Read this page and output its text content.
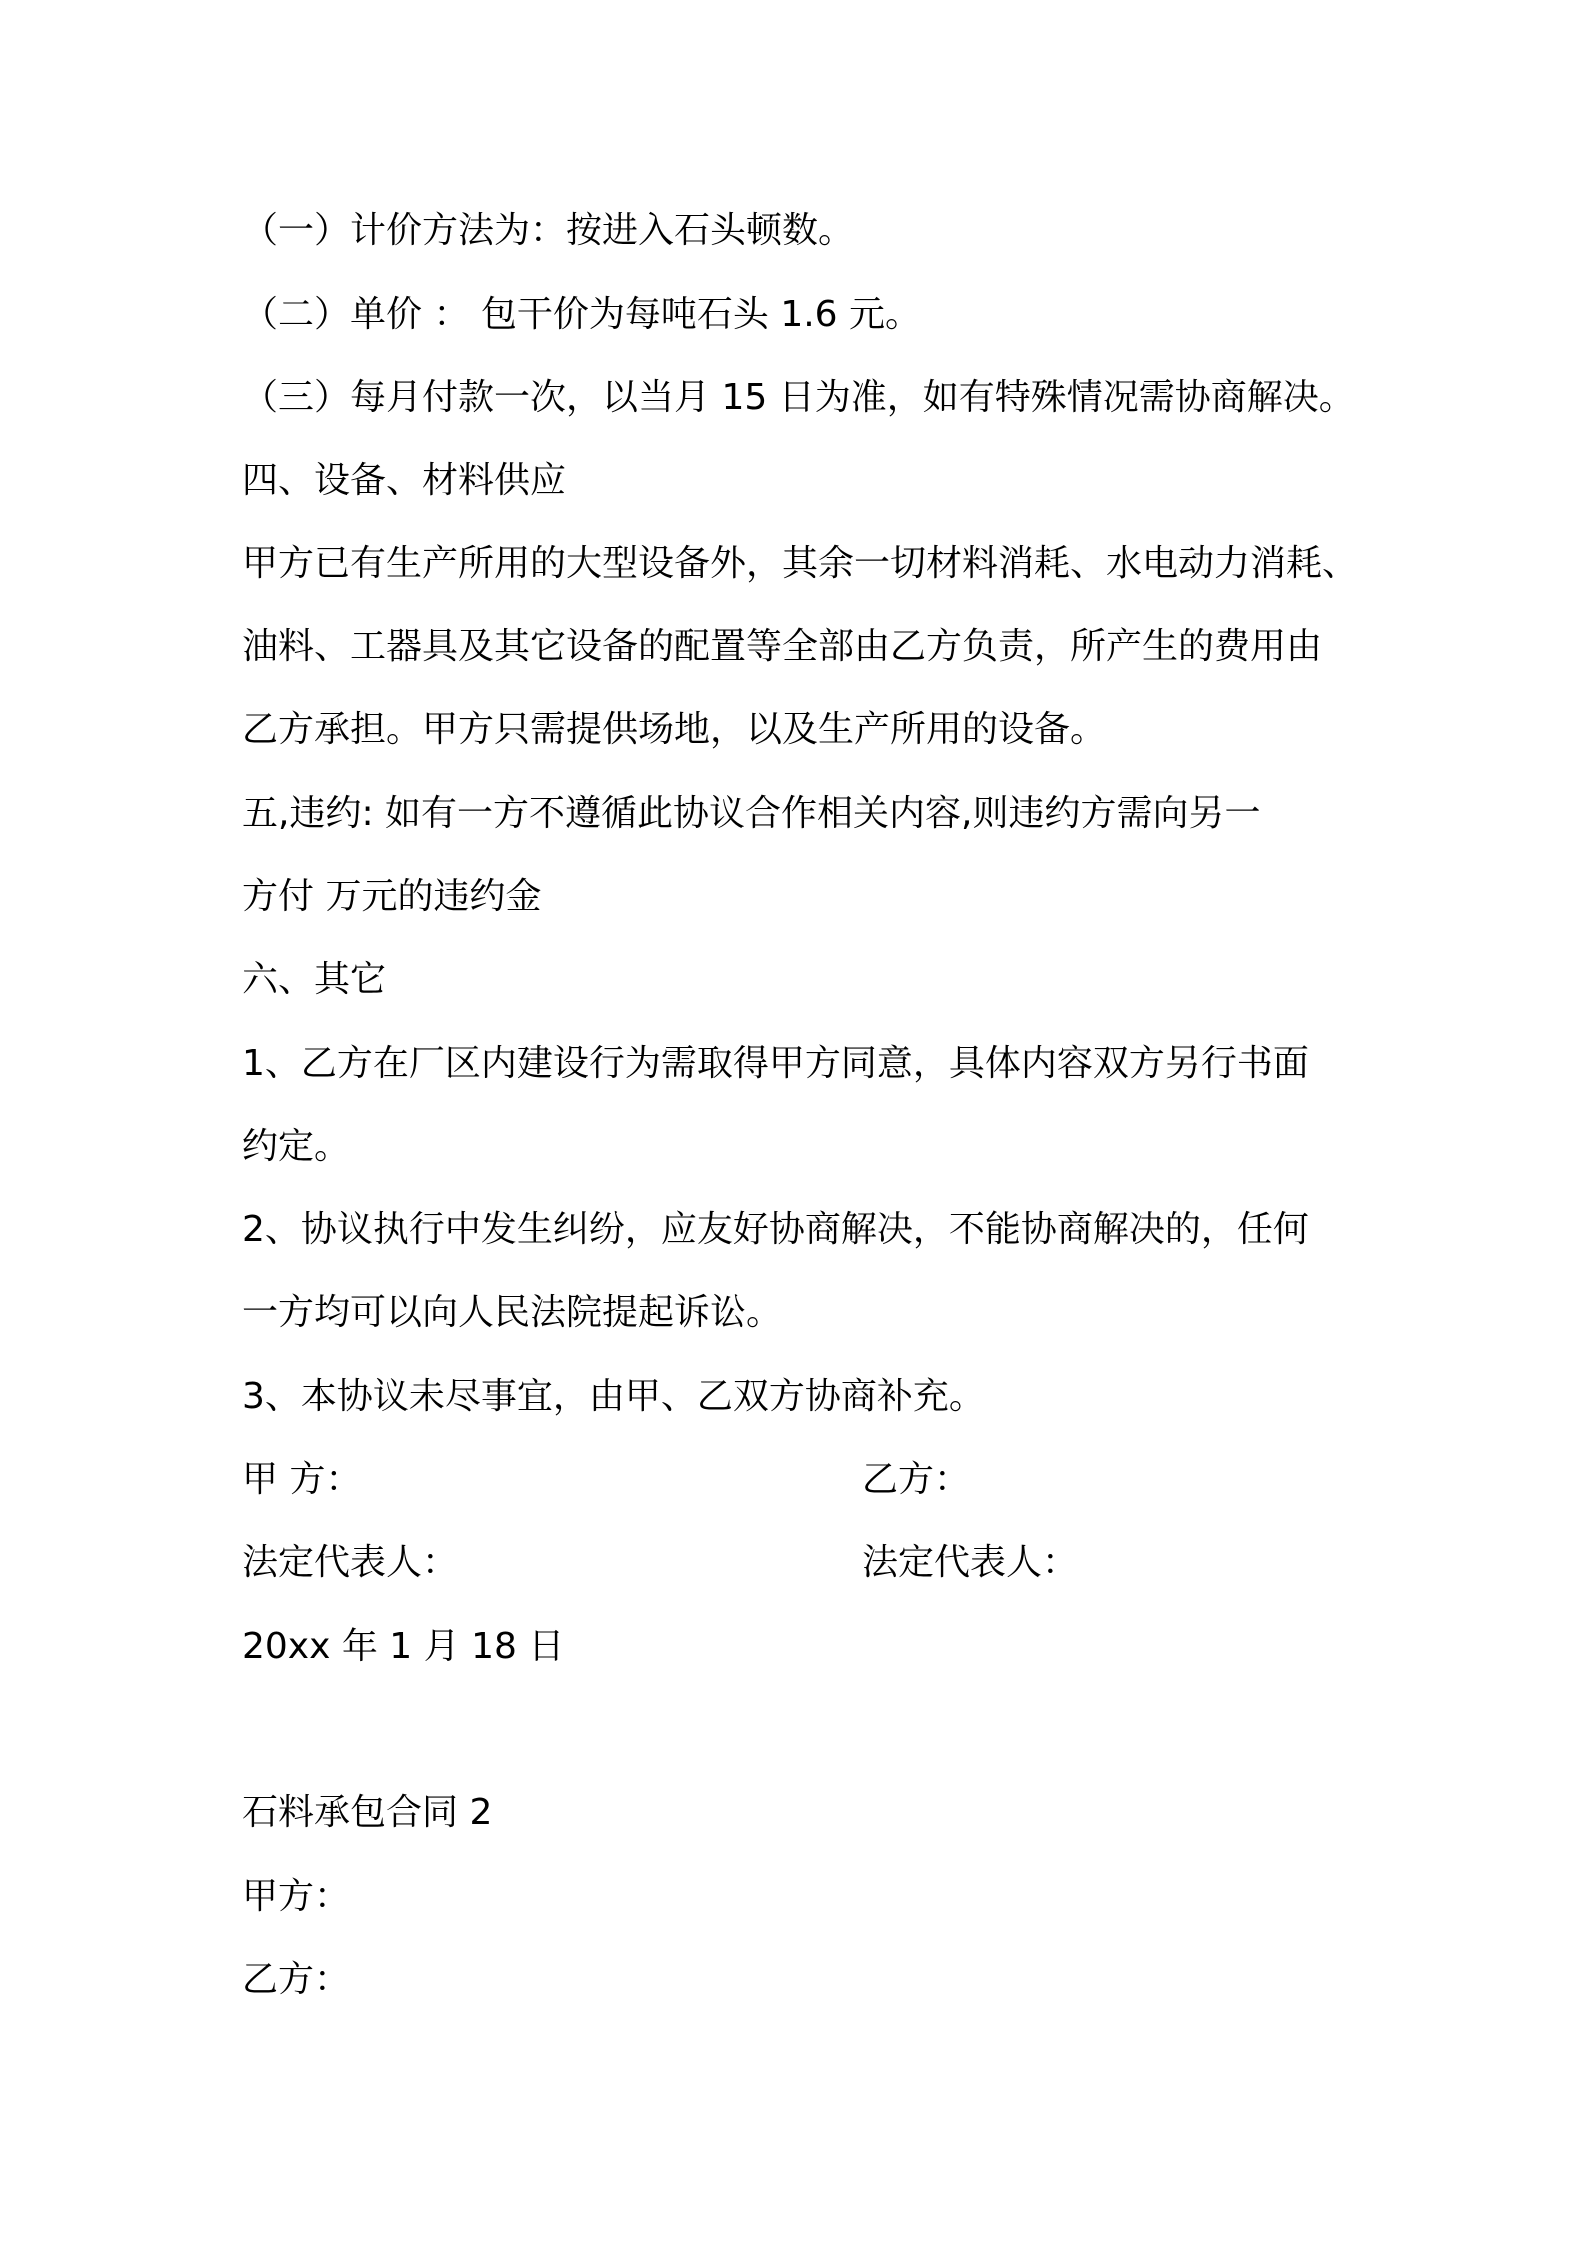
（一）计价方法为：按进入石头顿数。
（二）单价 ： 包干价为每吨石头 1.6 元。
（三）每月付款一次，以当月 15 日为准，如有特殊情况需协商解决。
四、设备、材料供应
甲方已有生产所用的大型设备外，其余一切材料消耗、水电动力消耗、
油料、工器具及其它设备的配置等全部由乙方负责，所产生的费用由
乙方承担。甲方只需提供场地，以及生产所用的设备。
五,违约: 如有一方不遵循此协议合作相关内容,则违约方需向另一
方付 万元的违约金
六、其它
1、乙方在厂区内建设行为需取得甲方同意，具体内容双方另行书面
约定。
2、协议执行中发生纠纷，应友好协商解决，不能协商解决的，任何
一方均可以向人民法院提起诉讼。
3、本协议未尽事宜，由甲、乙双方协商补充。
甲 方：	乙方：
法定代表人：	法定代表人：
20xx 年 1 月 18 日
石料承包合同 2
甲方：
乙方：
